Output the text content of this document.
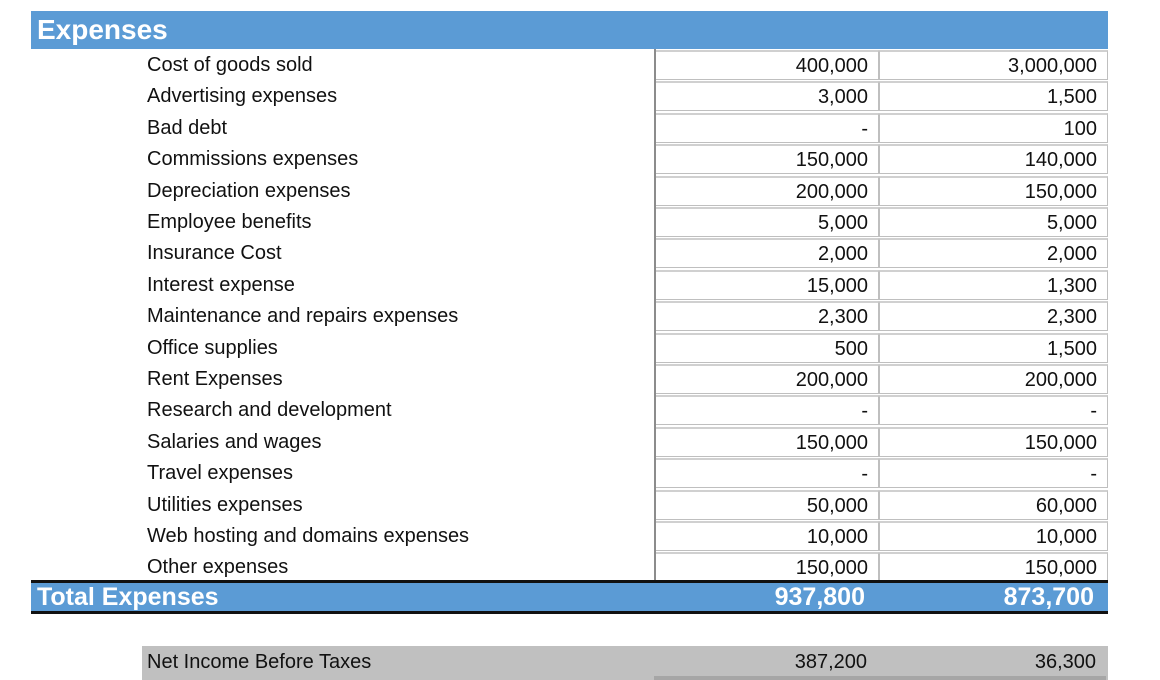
Expenses
Cost of goods sold	400,000	3,000,000
Advertising expenses	3,000	1,500
Bad debt	-	100
Commissions expenses	150,000	140,000
Depreciation expenses	200,000	150,000
Employee benefits	5,000	5,000
Insurance Cost	2,000	2,000
Interest expense	15,000	1,300
Maintenance and repairs expenses	2,300	2,300
Office supplies	500	1,500
Rent Expenses	200,000	200,000
Research and development	-	-
Salaries and wages	150,000	150,000
Travel expenses	-	-
Utilities expenses	50,000	60,000
Web hosting and domains expenses	10,000	10,000
Other expenses	150,000	150,000
Total Expenses	937,800	873,700
Net Income Before Taxes	387,200	36,300
